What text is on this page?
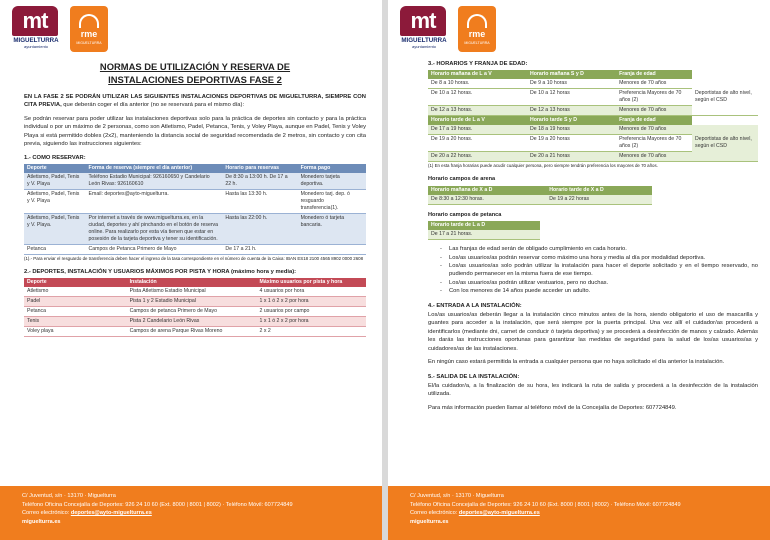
mt
MIGUELTURRA
ayuntamiento
rme
MIGUELTURRA
NORMAS DE UTILIZACIÓN Y RESERVA DE
INSTALACIONES DEPORTIVAS FASE 2
EN LA FASE 2 SE PODRÁN UTILIZAR LAS SIGUIENTES INSTALACIONES DEPORTIVAS DE MIGUELTURRA, SIEMPRE CON CITA PREVIA, que deberán coger el día anterior (no se reservará para el mismo día):
Se podrán reservar para poder utilizar las instalaciones deportivas solo para la práctica de deportes sin contacto y para la práctica individual o por un máximo de 2 personas, como son Atletismo, Padel, Petanca, Tenis, y Voley Playa, aunque en Padel, Tenis y Voley Playa si está permitido dobles (2x2), manteniendo la distancia social de seguridad recomendada de 2 metros, sin contacto y con cita previa, siguiendo las instrucciones siguientes:
1.- COMO RESERVAR:
Deporte	Forma de reserva (siempre el día anterior)	Horario para reservas	Forma pago
Atletismo, Padel, Tenis y V. Playa	Teléfono Estadio Municipal: 926160650 y Candelario León Rivas: 926160610	De 8:30 a 13:00 h. De 17 a 22 h.	Monedero tarjeta deportiva.
Atletismo, Padel, Tenis y V. Playa	Email: deportes@ayto-miguelturra.	Hasta las 13:30 h.	Monedero tarj. dep. ó resguardo transferencia(1).
Atletismo, Padel, Tenis y V. Playa.	Por internet a través de www.miguelturra.es, en la ciudad, deportes y ahí pinchando en el botón de reserva online. Para realizarlo por esta vía tienen que estar en posesión de la tarjeta deportiva y tener su identificación.	Hasta las 22:00 h.	Monedero ó tarjeta bancaria.
Petanca	Campos de Petanca Primero de Mayo	De 17 a 21 h.	
(1).- Para enviar el resguardo de transferencia deben hacer el ingreso de la tasa correspondiente en el número de cuenta de la Caixa: IBAN ES18 2100 4565 8902 0000 2608
2.- DEPORTES, INSTALACIÓN Y USUARIOS MÁXIMOS POR PISTA Y HORA (máximo hora y media):
Deporte	Instalación	Máximo usuarios por pista y hora
Atletismo	Pista Atletismo Estadio Municipal	4 usuarios por hora
Padel	Pista 1 y 2 Estadio Municipal	1 x 1 ó 2 x 2 por hora
Petanca	Campos de petanca Primero de Mayo	2 usuarios por campo
Tenis	Pista 2 Candelario León Rivas	1 x 1 ó 2 x 2 por hora
Voley playa	Campos de arena Parque Rivas Moreno	2 x 2
C/ Juventud, s/n · 13170 · Miguelturra
Teléfono Oficina Concejalía de Deportes: 926 24 10 60 (Ext. 8000 | 8001 | 8002) · Teléfono Móvil: 607724849
Correo electrónico: deportes@ayto-miguelturra.es
miguelturra.es
mt
MIGUELTURRA
ayuntamiento
rme
MIGUELTURRA
3.- HORARIOS Y FRANJA DE EDAD:
Horario mañana de L a V	Horario mañana S y D	Franja de edad	
De 8 a 10 horas.	De 9 a 10 horas	Menores de 70 años	Deportistas de alto nivel, según el CSD
De 10 a 12 horas.	De 10 a 12 horas	Preferencia Mayores de 70 años (2)	
De 12 a 13 horas.	De 12 a 13 horas	Menores de 70 años	
Horario tarde de L a V	Horario tarde S y D	Franja de edad	
De 17 a 19 horas.	De 18 a 19 horas	Menores de 70 años	Deportistas de alto nivel, según el CSD
De 19 a 20 horas.	De 19 a 20 horas	Preferencia Mayores de 70 años (2)	
De 20 a 22 horas.	De 20 a 21 horas	Menores de 70 años	
(1) En esta franja horarias puede acudir cualquier persona, pero siempre tendrán preferencia los mayores de 70 años.
Horario campos de arena
Horario mañana de X a D	Horario tarde de X a D
De 8:30 a 12:30 horas.	De 19 a 22 horas
Horario campos de petanca
Horario tarde de L a D
De 17 a 21 horas.
- Las franjas de edad serán de obligado cumplimiento en cada horario.
- Los/as usuarios/as podrán reservar como máximo una hora y media al día por modalidad deportiva.
- Los/as usuarios/as solo podrán utilizar la instalación para hacer el deporte solicitado y en el tiempo reservado, no pudiendo permanecer en la misma fuera de ese tiempo.
- Los/as usuarios/as podrán utilizar vestuarios, pero no duchas.
- Con los menores de 14 años puede acceder un adulto.
4.- ENTRADA A LA INSTALACIÓN:
Los/as usuarios/as deberán llegar a la instalación cinco minutos antes de la hora, siendo obligatorio el uso de mascarilla y guantes para acceder a la instalación, que será siempre por la puerta principal. Una vez allí el cuidador/as procederá a identificarlos (mediante dni, carnet de conducir ó tarjeta deportiva) y se procederá a desinfección de manos y calzado. Además les darás las instrucciones oportunas para garantizar las medidas de seguridad para la salud de los/as usuarios/as y cuidadores/as de las instalaciones.
En ningún caso estará permitida la entrada a cualquier persona que no haya solicitado el día anterior la instalación.
5.- SALIDA DE LA INSTALACIÓN:
El/la cuidador/a, a la finalización de su hora, les indicará la ruta de salida y procederá a la desinfección de la instalación utilizada.
Para más información pueden llamar al teléfono móvil de la Concejalía de Deportes: 607724849.
C/ Juventud, s/n · 13170 · Miguelturra
Teléfono Oficina Concejalía de Deportes: 926 24 10 60 (Ext. 8000 | 8001 | 8002) · Teléfono Móvil: 607724849
Correo electrónico: deportes@ayto-miguelturra.es
miguelturra.es
